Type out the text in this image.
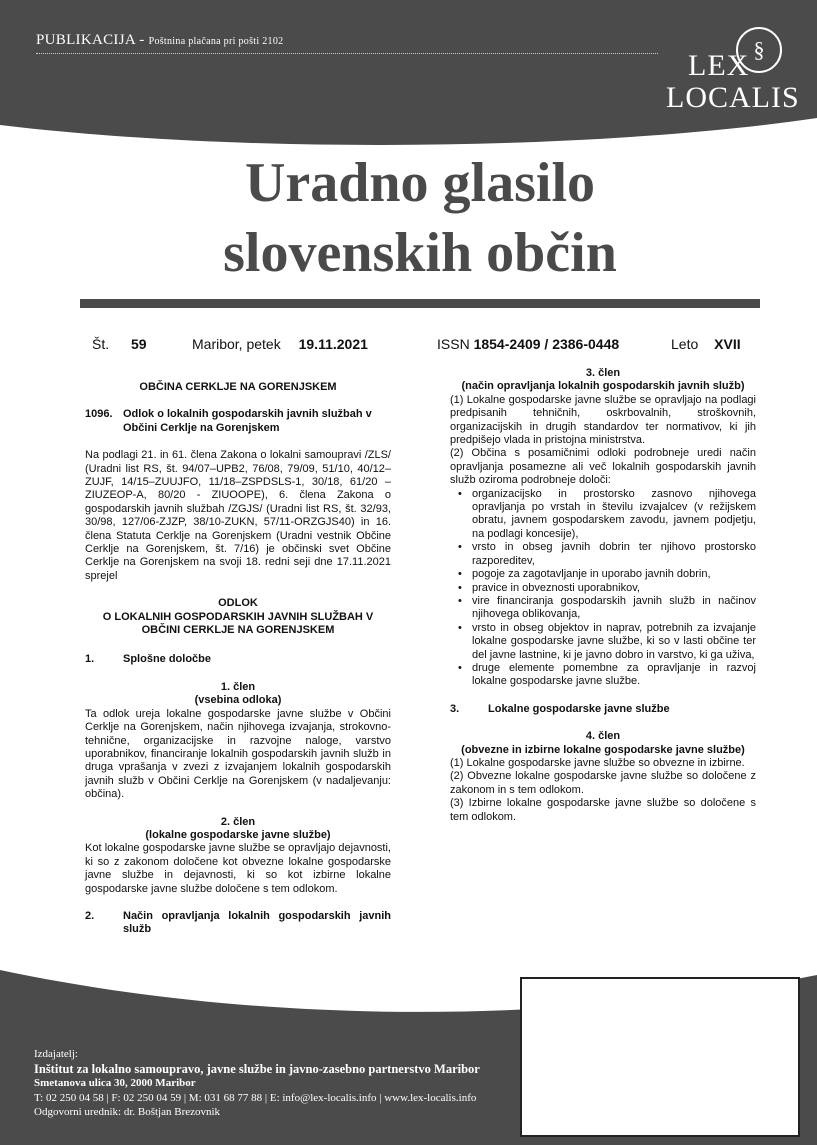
PUBLIKACIJA - Poštnina plačana pri pošti 2102	§
LEX
LOCALIS
Uradno glasilo
slovenskih občin
Št. 59	Maribor, petek 19.11.2021	ISSN 1854-2409 / 2386-0448	Leto XVII

OBČINA CERKLJE NA GORENJSKEM

1096. Odlok o lokalnih gospodarskih javnih službah v Občini Cerklje na Gorenjskem

Na podlagi 21. in 61. člena Zakona o lokalni samoupravi /ZLS/ (Uradni list RS, št. 94/07–UPB2, 76/08, 79/09, 51/10, 40/12–ZUJF, 14/15–ZUUJFO, 11/18–ZSPDSLS-1, 30/18, 61/20 – ZIUZEOP-A, 80/20 - ZIUOOPE), 6. člena Zakona o gospodarskih javnih službah /ZGJS/ (Uradni list RS, št. 32/93, 30/98, 127/06-ZJZP, 38/10-ZUKN, 57/11-ORZGJS40) in 16. člena Statuta Cerklje na Gorenjskem (Uradni vestnik Občine Cerklje na Gorenjskem, št. 7/16) je občinski svet Občine Cerklje na Gorenjskem na svoji 18. redni seji dne 17.11.2021 sprejel

ODLOK

O LOKALNIH GOSPODARSKIH JAVNIH SLUŽBAH V OBČINI CERKLJE NA GORENJSKEM

1.	Splošne določbe

1. člen

(vsebina odloka)

Ta odlok ureja lokalne gospodarske javne službe v Občini Cerklje na Gorenjskem, način njihovega izvajanja, strokovno-tehnične, organizacijske in razvojne naloge, varstvo uporabnikov, financiranje lokalnih gospodarskih javnih služb in druga vprašanja v zvezi z izvajanjem lokalnih gospodarskih javnih služb v Občini Cerklje na Gorenjskem (v nadaljevanju: občina).

2. člen

(lokalne gospodarske javne službe)

Kot lokalne gospodarske javne službe se opravljajo dejavnosti, ki so z zakonom določene kot obvezne lokalne gospodarske javne službe in dejavnosti, ki so kot izbirne lokalne gospodarske javne službe določene s tem odlokom.

2.	Način opravljanja lokalnih gospodarskih javnih služb

3. člen

(način opravljanja lokalnih gospodarskih javnih služb)

(1) Lokalne gospodarske javne službe se opravljajo na podlagi predpisanih tehničnih, oskrbovalnih, stroškovnih, organizacijskih in drugih standardov ter normativov, ki jih predpišejo vlada in pristojna ministrstva.

(2) Občina s posamičnimi odloki podrobneje uredi način opravljanja posamezne ali več lokalnih gospodarskih javnih služb oziroma podrobneje določi:

• organizacijsko in prostorsko zasnovo njihovega opravljanja po vrstah in številu izvajalcev (v režijskem obratu, javnem gospodarskem zavodu, javnem podjetju, na podlagi koncesije),
• vrsto in obseg javnih dobrin ter njihovo prostorsko razporeditev,
• pogoje za zagotavljanje in uporabo javnih dobrin,
• pravice in obveznosti uporabnikov,
• vire financiranja gospodarskih javnih služb in načinov njihovega oblikovanja,
• vrsto in obseg objektov in naprav, potrebnih za izvajanje lokalne gospodarske javne službe, ki so v lasti občine ter del javne lastnine, ki je javno dobro in varstvo, ki ga uživa,
• druge elemente pomembne za opravljanje in razvoj lokalne gospodarske javne službe.
3.	Lokalne gospodarske javne službe

4. člen

(obvezne in izbirne lokalne gospodarske javne službe)

(1) Lokalne gospodarske javne službe so obvezne in izbirne.

(2) Obvezne lokalne gospodarske javne službe so določene z zakonom in s tem odlokom.

(3) Izbirne lokalne gospodarske javne službe so določene s tem odlokom.

Izdajatelj:
Inštitut za lokalno samoupravo, javne službe in javno-zasebno partnerstvo Maribor
Smetanova ulica 30, 2000 Maribor
T: 02 250 04 58 | F: 02 250 04 59 | M: 031 68 77 88 | E: info@lex-localis.info | www.lex-localis.info
Odgovorni urednik: dr. Boštjan Brezovnik
